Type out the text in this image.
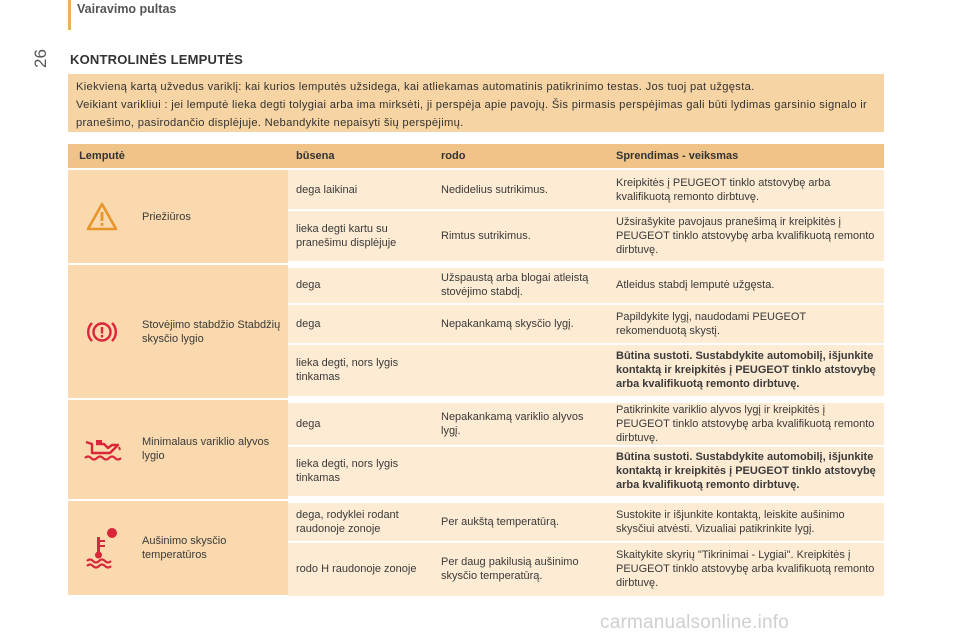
Vairavimo pultas
26 KONTROLINĖS LEMPUTĖS

Kiekvieną kartą užvedus variklį: kai kurios lemputės užsidega, kai atliekamas automatinis patikrinimo testas. Jos tuoj pat užgęsta.

Veikiant varikliui : jei lemputė lieka degti tolygiai arba ima mirksėti, ji perspėja apie pavojų. Šis pirmasis perspėjimas gali būti lydimas garsinio signalo ir pranešimo, pasirodančio displėjuje. Nebandykite nepaisyti šių perspėjimų.

Lemputė		būsena	rodo	Sprendimas - veiksmas
	Priežiūros	dega laikinai	Nedidelius sutrikimus.	Kreipkitės į PEUGEOT tinklo atstovybę arba kvalifikuotą remonto dirbtuvę.
		lieka degti kartu su pranešimu displėjuje	Rimtus sutrikimus.	Užsirašykite pavojaus pranešimą ir kreipkitės į PEUGEOT tinklo atstovybę arba kvalifikuotą remonto dirbtuvę.
	Stovėjimo stabdžio Stabdžių skysčio lygio	dega	Užspaustą arba blogai atleistą stovėjimo stabdį.	Atleidus stabdį lemputė užgęsta.
		dega	Nepakankamą skysčio lygį.	Papildykite lygį, naudodami PEUGEOT rekomenduotą skystį.
		lieka degti, nors lygis tinkamas		Būtina sustoti. Sustabdykite automobilį, išjunkite kontaktą ir kreipkitės į PEUGEOT tinklo atstovybę arba kvalifikuotą remonto dirbtuvę.
	Minimalaus variklio alyvos lygio	dega	Nepakankamą variklio alyvos lygį.	Patikrinkite variklio alyvos lygį ir kreipkitės į PEUGEOT tinklo atstovybę arba kvalifikuotą remonto dirbtuvę.
		lieka degti, nors lygis tinkamas		Būtina sustoti. Sustabdykite automobilį, išjunkite kontaktą ir kreipkitės į PEUGEOT tinklo atstovybę arba kvalifikuotą remonto dirbtuvę.
	Aušinimo skysčio temperatūros	dega, rodyklei rodant raudonoje zonoje	Per aukštą temperatūrą.	Sustokite ir išjunkite kontaktą, leiskite aušinimo skysčiui atvėsti. Vizualiai patikrinkite lygį.
		rodo H raudonoje zonoje	Per daug pakilusią aušinimo skysčio temperatūrą.	Skaitykite skyrių "Tikrinimai - Lygiai". Kreipkitės į PEUGEOT tinklo atstovybę arba kvalifikuotą remonto dirbtuvę.
carmanualsonline.info
